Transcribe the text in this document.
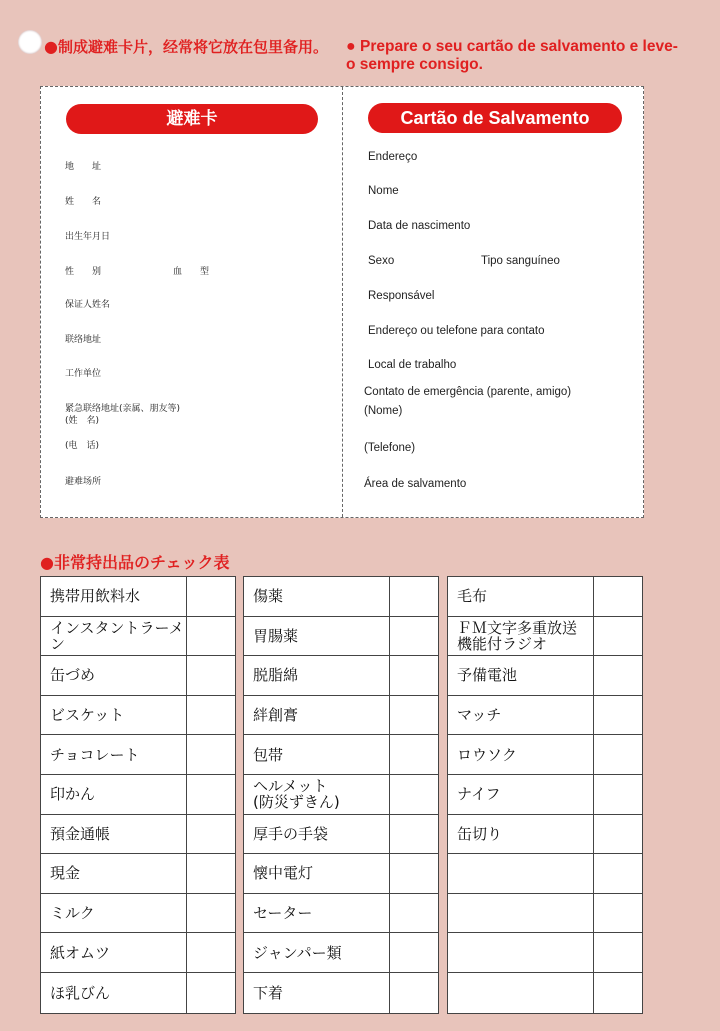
●制成避难卡片，经常将它放在包里备用。	● Prepare o seu cartão de salvamento e leve-o sempre consigo.
避难卡
地　　址
姓　　名
出生年月日
性　　别	血　　型
保证人姓名
联络地址
工作单位
紧急联络地址(亲属、朋友等)
(姓　名)
(电　话)
避难场所
Cartão de Salvamento
Endereço
Nome
Data de nascimento
Sexo	Tipo sanguíneo
Responsável
Endereço ou telefone para contato
Local de trabalho
Contato de emergência (parente, amigo)
(Nome)
(Telefone)
Área de salvamento
●非常持出品のチェック表
携帯用飲料水
インスタントラーメン
缶づめ
ビスケット
チョコレート
印かん
預金通帳
現金
ミルク
紙オムツ
ほ乳びん
傷薬
胃腸薬
脱脂綿
絆創膏
包帯
ヘルメット
(防災ずきん)
厚手の手袋
懐中電灯
セーター
ジャンパー類
下着
毛布
ＦＭ文字多重放送
機能付ラジオ
予備電池
マッチ
ロウソク
ナイフ
缶切り
